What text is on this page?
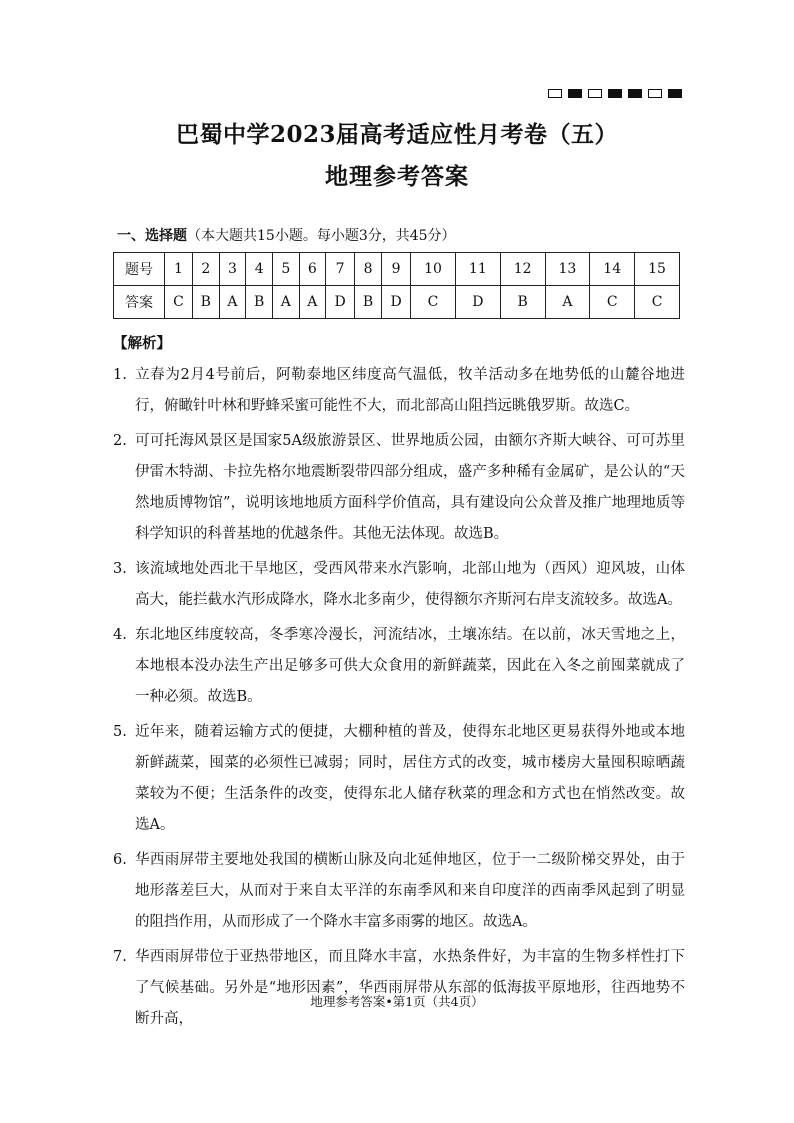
巴蜀中学2023届高考适应性月考卷（五）
地理参考答案
一、选择题（本大题共15小题。每小题3分，共45分）
题号	1	2	3	4	5	6	7	8	9	10	11	12	13	14	15
答案	C	B	A	B	A	A	D	B	D	C	D	B	A	C	C
【解析】
1. 立春为2月4号前后，阿勒泰地区纬度高气温低，牧羊活动多在地势低的山麓谷地进行，俯瞰针叶林和野蜂采蜜可能性不大，而北部高山阻挡远眺俄罗斯。故选C。
2. 可可托海风景区是国家5A级旅游景区、世界地质公园，由额尔齐斯大峡谷、可可苏里伊雷木特湖、卡拉先格尔地震断裂带四部分组成，盛产多种稀有金属矿，是公认的“天然地质博物馆”，说明该地地质方面科学价值高，具有建设向公众普及推广地理地质等科学知识的科普基地的优越条件。其他无法体现。故选B。
3. 该流域地处西北干旱地区，受西风带来水汽影响，北部山地为（西风）迎风坡，山体高大，能拦截水汽形成降水，降水北多南少，使得额尔齐斯河右岸支流较多。故选A。
4. 东北地区纬度较高，冬季寒冷漫长，河流结冰，土壤冻结。在以前，冰天雪地之上，本地根本没办法生产出足够多可供大众食用的新鲜蔬菜，因此在入冬之前囤菜就成了一种必须。故选B。
5. 近年来，随着运输方式的便捷，大棚种植的普及，使得东北地区更易获得外地或本地新鲜蔬菜，囤菜的必须性已减弱；同时，居住方式的改变，城市楼房大量囤积晾晒蔬菜较为不便；生活条件的改变，使得东北人储存秋菜的理念和方式也在悄然改变。故选A。
6. 华西雨屏带主要地处我国的横断山脉及向北延伸地区，位于一二级阶梯交界处，由于地形落差巨大，从而对于来自太平洋的东南季风和来自印度洋的西南季风起到了明显的阻挡作用，从而形成了一个降水丰富多雨雾的地区。故选A。
7. 华西雨屏带位于亚热带地区，而且降水丰富，水热条件好，为丰富的生物多样性打下了气候基础。另外是“地形因素”，华西雨屏带从东部的低海拔平原地形，往西地势不断升高，
地理参考答案•第1页（共4页）
